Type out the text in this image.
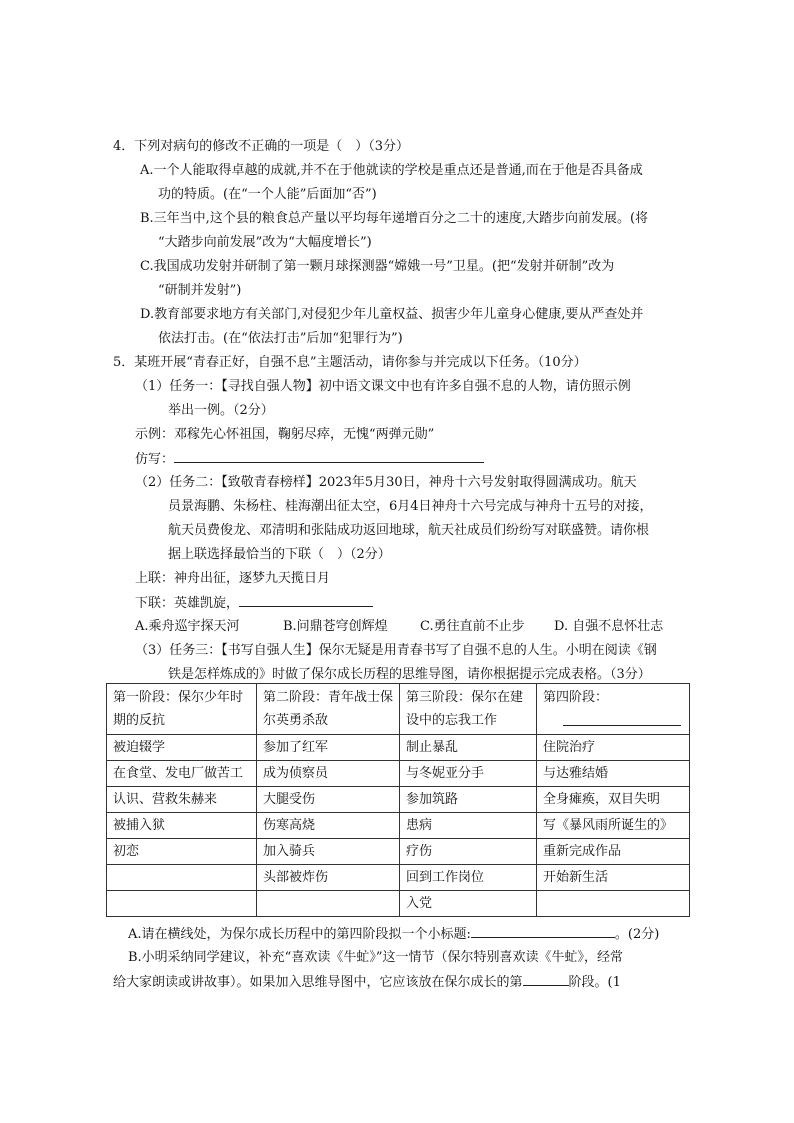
4．下列对病句的修改不正确的一项是（　）（3分）
A.一个人能取得卓越的成就,并不在于他就读的学校是重点还是普通,而在于他是否具备成
功的特质。(在“一个人能”后面加“否”)
B.三年当中,这个县的粮食总产量以平均每年递增百分之二十的速度,大踏步向前发展。(将
“大踏步向前发展”改为“大幅度增长”)
C.我国成功发射并研制了第一颗月球探测器“嫦娥一号”卫星。(把“发射并研制”改为
“研制并发射”)
D.教育部要求地方有关部门,对侵犯少年儿童权益、损害少年儿童身心健康,要从严查处并
依法打击。(在“依法打击”后加“犯罪行为”)
5．某班开展“青春正好，自强不息”主题活动，请你参与并完成以下任务。（10分）
（1）任务一：【寻找自强人物】初中语文课文中也有许多自强不息的人物，请仿照示例
举出一例。（2分）
示例：邓稼先心怀祖国，鞠躬尽瘁，无愧“两弹元勋”
仿写：
（2）任务二：【致敬青春榜样】2023年5月30日，神舟十六号发射取得圆满成功。航天
员景海鹏、朱杨柱、桂海潮出征太空，6月4日神舟十六号完成与神舟十五号的对接，
航天员费俊龙、邓清明和张陆成功返回地球，航天社成员们纷纷写对联盛赞。请你根
据上联选择最恰当的下联（　）（2分）
上联：神舟出征，逐梦九天揽日月
下联：英雄凯旋，
A.乘舟巡宇探天河	B.问鼎苍穹创辉煌 C.勇往直前不止步 D. 自强不息怀壮志
（3）任务三：【书写自强人生】保尔无疑是用青春书写了自强不息的人生。小明在阅读《钢
铁是怎样炼成的》时做了保尔成长历程的思维导图，请你根据提示完成表格。（3分）
第一阶段：保尔少年时期的反抗	第二阶段：青年战士保尔英勇杀敌	第三阶段：保尔在建设中的忘我工作	第四阶段：

被迫辍学	参加了红军	制止暴乱	住院治疗
在食堂、发电厂做苦工	成为侦察员	与冬妮亚分手	与达雅结婚
认识、营救朱赫来	大腿受伤	参加筑路	全身瘫痪，双目失明
被捕入狱	伤寒高烧	患病	写《暴风雨所诞生的》
初恋	加入骑兵	疗伤	重新完成作品
	头部被炸伤	回到工作岗位	开始新生活
		入党	
A.请在横线处，为保尔成长历程中的第四阶段拟一个小标题:	。(2分)
B.小明采纳同学建议，补充“喜欢读《牛虻》”这一情节（保尔特别喜欢读《牛虻》，经常
给大家朗读或讲故事）。如果加入思维导图中，它应该放在保尔成长的第	阶段。(1
